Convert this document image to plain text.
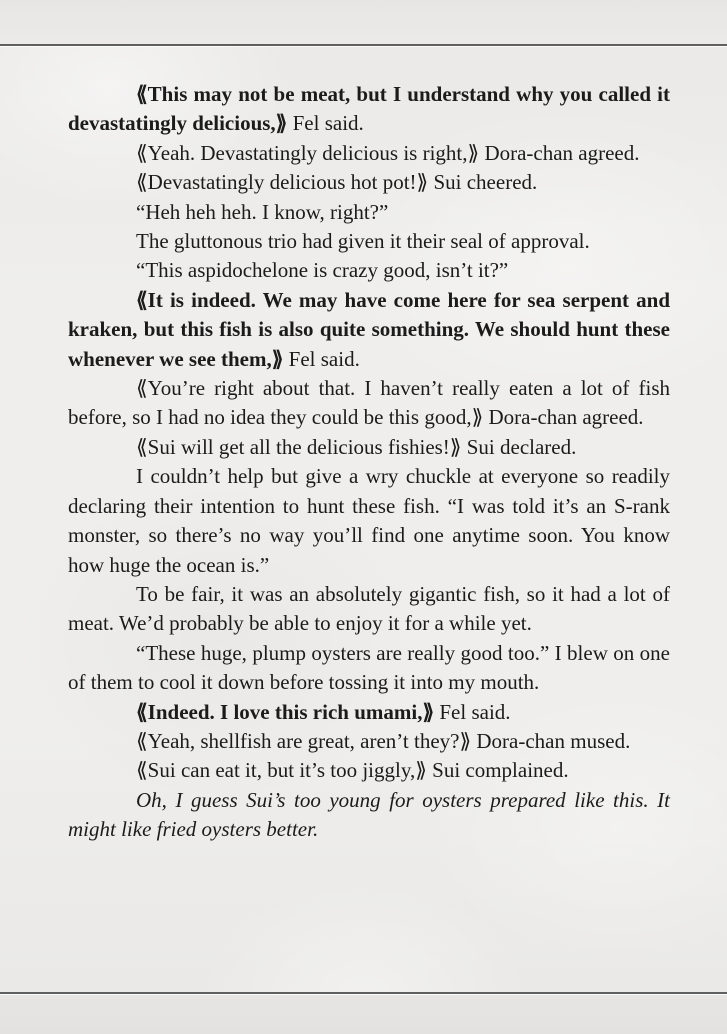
⟪This may not be meat, but I understand why you called it devastatingly delicious,⟫ Fel said.

⟪Yeah. Devastatingly delicious is right,⟫ Dora-chan agreed.

⟪Devastatingly delicious hot pot!⟫ Sui cheered.

“Heh heh heh. I know, right?”

The gluttonous trio had given it their seal of approval.

“This aspidochelone is crazy good, isn’t it?”

⟪It is indeed. We may have come here for sea serpent and kraken, but this fish is also quite something. We should hunt these whenever we see them,⟫ Fel said.

⟪You’re right about that. I haven’t really eaten a lot of fish before, so I had no idea they could be this good,⟫ Dora-chan agreed.

⟪Sui will get all the delicious fishies!⟫ Sui declared.

I couldn’t help but give a wry chuckle at everyone so readily declaring their intention to hunt these fish. “I was told it’s an S-rank monster, so there’s no way you’ll find one anytime soon. You know how huge the ocean is.”

To be fair, it was an absolutely gigantic fish, so it had a lot of meat. We’d probably be able to enjoy it for a while yet.

“These huge, plump oysters are really good too.” I blew on one of them to cool it down before tossing it into my mouth.

⟪Indeed. I love this rich umami,⟫ Fel said.

⟪Yeah, shellfish are great, aren’t they?⟫ Dora-chan mused.

⟪Sui can eat it, but it’s too jiggly,⟫ Sui complained.

Oh, I guess Sui’s too young for oysters prepared like this. It might like fried oysters better.
